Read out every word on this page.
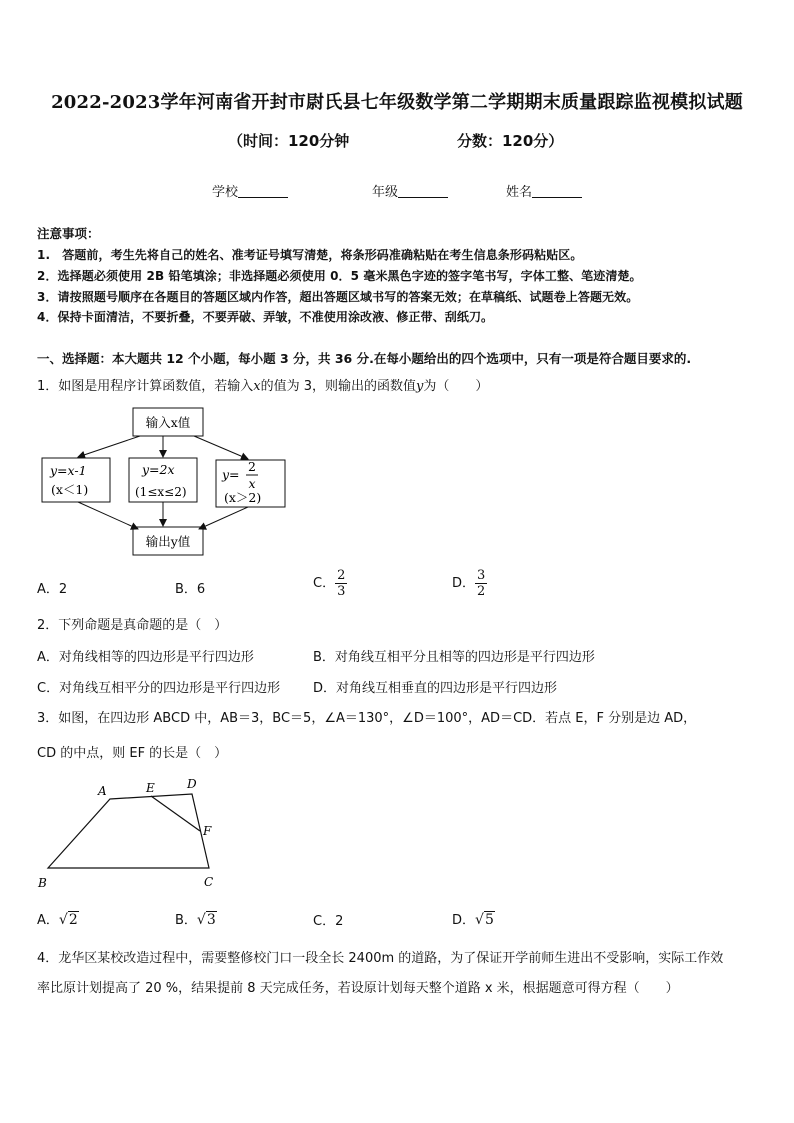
2022-2023学年河南省开封市尉氏县七年级数学第二学期期末质量跟踪监视模拟试题
（时间：120分钟	分数：120分）
学校	年级	姓名
注意事项：
1.　答题前，考生先将自己的姓名、准考证号填写清楚，将条形码准确粘贴在考生信息条形码粘贴区。
2．选择题必须使用 2B 铅笔填涂；非选择题必须使用 0．5 毫米黑色字迹的签字笔书写，字体工整、笔迹清楚。
3．请按照题号顺序在各题目的答题区域内作答，超出答题区域书写的答案无效；在草稿纸、试题卷上答题无效。
4．保持卡面清洁，不要折叠，不要弄破、弄皱，不准使用涂改液、修正带、刮纸刀。
一、选择题：本大题共 12 个小题，每小题 3 分，共 36 分.在每小题给出的四个选项中，只有一项是符合题目要求的.
1．如图是用程序计算函数值，若输入x的值为 3，则输出的函数值y为（　　）
输入x值
y=x-1
(x＜1)
y=2x
(1≤x≤2)
y=
2
x
(x＞2)
输出y值
A．2	B．6	C． $\frac{2}{3}$	D． $\frac{3}{2}$
2．下列命题是真命题的是（　）
A．对角线相等的四边形是平行四边形	B．对角线互相平分且相等的四边形是平行四边形
C．对角线互相平分的四边形是平行四边形	D．对角线互相垂直的四边形是平行四边形
3．如图，在四边形 ABCD 中，AB＝3，BC＝5，∠A＝130°，∠D＝100°，AD＝CD．若点 E，F 分别是边 AD，
CD 的中点，则 EF 的长是（　）
A	E	D
F
B	C
A．√2	B．√3	C．2	D．√5
4．龙华区某校改造过程中，需要整修校门口一段全长 2400m 的道路，为了保证开学前师生进出不受影响，实际工作效
率比原计划提高了 20 %，结果提前 8 天完成任务，若设原计划每天整个道路 x 米，根据题意可得方程（　　）
